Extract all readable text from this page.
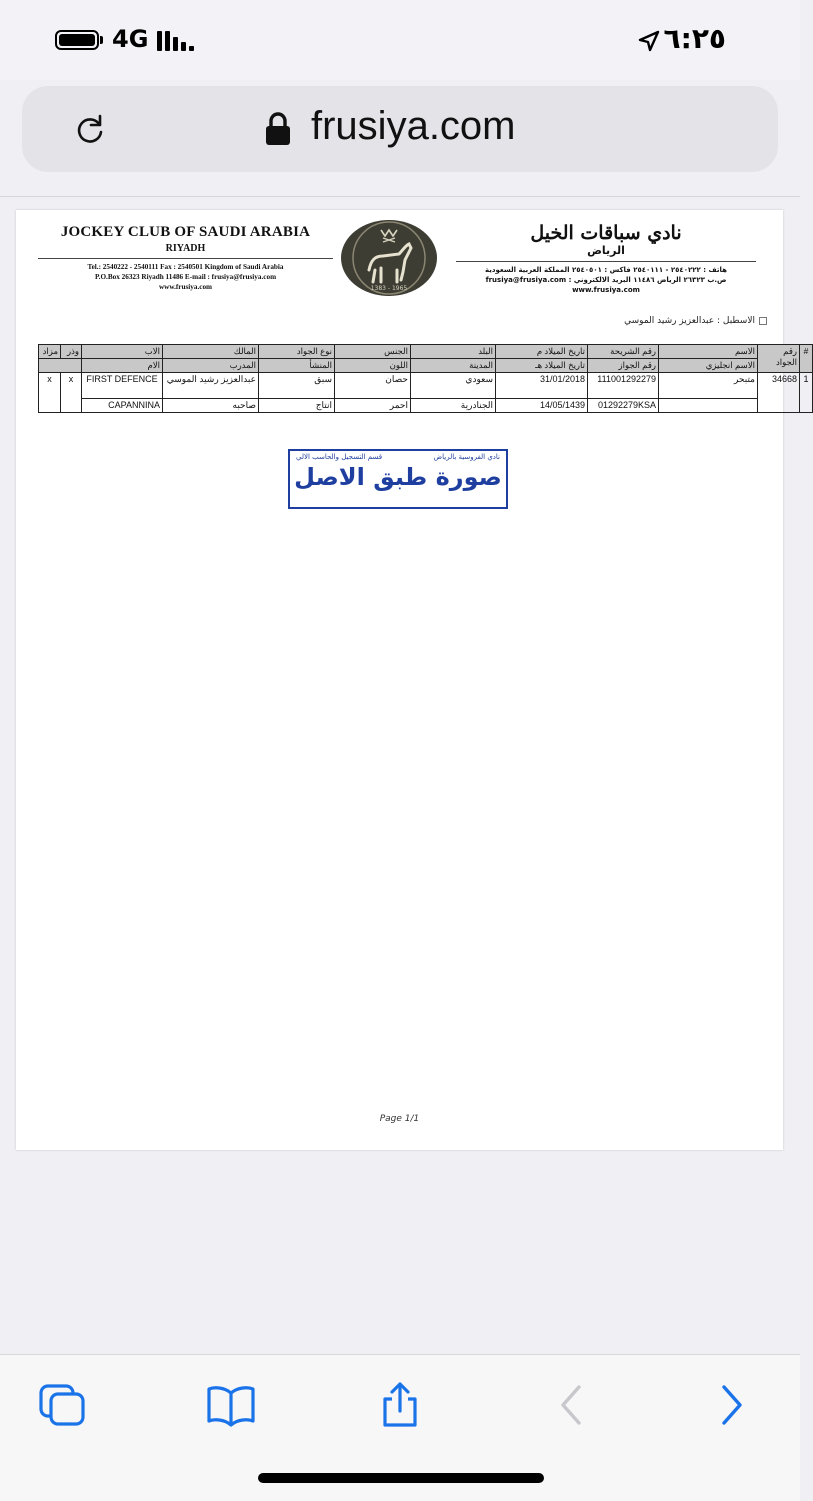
4G	٦:٢٥
frusiya.com
JOCKEY CLUB OF SAUDI ARABIA
RIYADH
Tel.: 2540222 - 2540111 Fax : 2540501 Kingdom of Saudi Arabia
P.O.Box 26323 Riyadh 11486 E-mail : frusiya@frusiya.com
www.frusiya.com	1383 - 1965
نادي سباقات الخيل
الرياض
هاتف : ٢٥٤٠٢٢٢ - ٢٥٤٠١١١ فاكس : ٢٥٤٠٥٠١ المملكة العربية السعودية
ص.ب ٢٦٣٢٣ الرياض ١١٤٨٦ البريد الالكتروني : frusiya@frusiya.com
www.frusiya.com
الاسطبل : عبدالعزيز رشيد الموسي
مزاد	وذر	الاب	المالك	نوع الجواد	الجنس	البلد	تاريخ الميلاد م	رقم الشريحة	الاسم	رقم الجواد	#
		الام	المدرب	المنشأ	اللون	المدينة	تاريخ الميلاد هـ	رقم الجواز	الاسم انجليزي		
x	x	FIRST DEFENCE	عبدالعزيز رشيد الموسي	سبق	حصان	سعودي	31/01/2018	111001292279	متبحر	34668	1
		CAPANNINA	صاحبه	انتاج	احمر	الجنادرية	14/05/1439	01292279KSA			
نادي الفروسية بالرياض
قسم التسجيل والحاسب الالي
صورة طبق الاصل
Page 1/1
